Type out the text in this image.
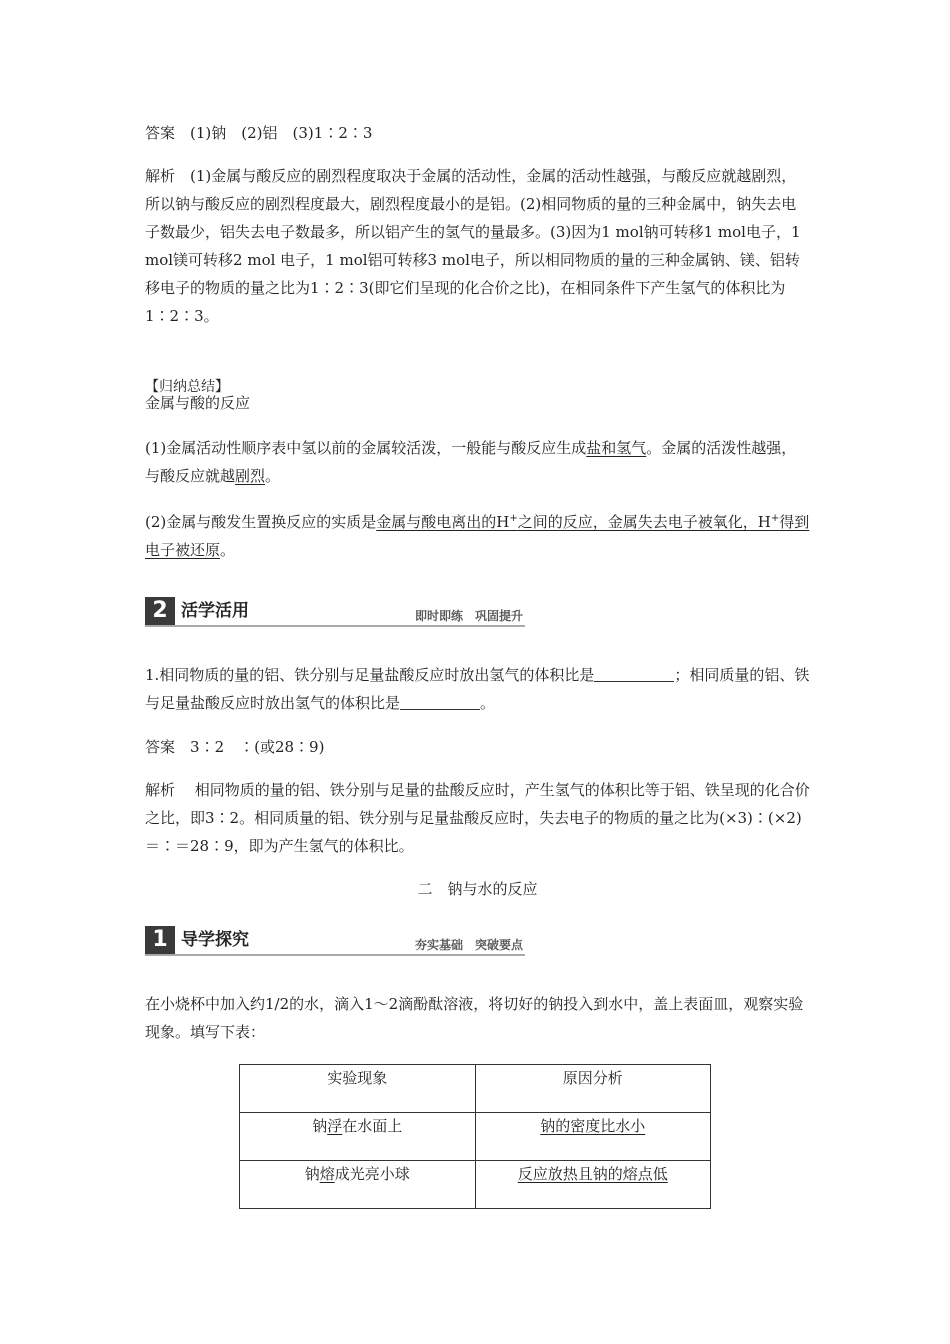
答案　 (1)钠　(2)铝　(3)1∶2∶3

解析　 (1)金属与酸反应的剧烈程度取决于金属的活动性，金属的活动性越强，与酸反应就越剧烈，所以钠与酸反应的剧烈程度最大，剧烈程度最小的是铝。(2)相同物质的量的三种金属中，钠失去电子数最少，铝失去电子数最多，所以铝产生的氢气的量最多。(3)因为1 mol钠可转移1 mol电子，1 mol镁可转移2 mol 电子，1 mol铝可转移3 mol电子，所以相同物质的量的三种金属钠、镁、铝转移电子的物质的量之比为1∶2∶3(即它们呈现的化合价之比)，在相同条件下产生氢气的体积比为1∶2∶3。

【归纳总结】

金属与酸的反应

(1)金属活动性顺序表中氢以前的金属较活泼，一般能与酸反应生成盐和氢气。金属的活泼性越强，与酸反应就越剧烈。

(2)金属与酸发生置换反应的实质是金属与酸电离出的H+之间的反应，金属失去电子被氧化，H+得到电子被还原。

2 活学活用	即时即练　巩固提升

1.相同物质的量的铝、铁分别与足量盐酸反应时放出氢气的体积比是	；相同质量的铝、铁与足量盐酸反应时放出氢气的体积比是	。

答案　 3∶2　∶(或28∶9)

解析　 相同物质的量的铝、铁分别与足量的盐酸反应时，产生氢气的体积比等于铝、铁呈现的化合价之比，即3∶2。相同质量的铝、铁分别与足量盐酸反应时，失去电子的物质的量之比为(×3)∶(×2)＝∶＝28∶9，即为产生氢气的体积比。

二　钠与水的反应

1 导学探究	夯实基础　突破要点

在小烧杯中加入约1/2的水，滴入1～2滴酚酞溶液，将切好的钠投入到水中，盖上表面皿，观察实验现象。填写下表：

实验现象	原因分析
钠浮在水面上	钠的密度比水小
钠熔成光亮小球	反应放热且钠的熔点低
